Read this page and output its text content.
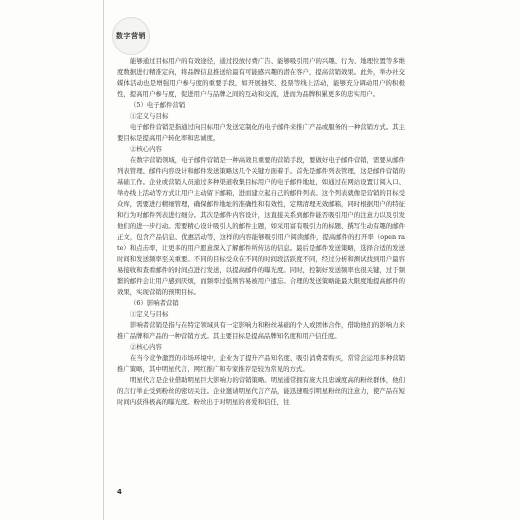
数字营销

能够通过目标用户的有效途径，通过投放付费广告、能够吸引用户的兴趣、行为、地理位置等多维度数据进行精准定向，将品牌信息推送给最有可能感兴趣的潜在客户，提高营销效果。此外，举办社交媒体活动也是增强用户参与度的重要手段，如开展抽奖、投票等线上活动，能够充分调动用户的积极性，提高用户参与度，促进用户与品牌之间的互动和交流，进而为品牌积累更多的忠实用户。

（5）电子邮件营销

①定义与目标

电子邮件营销是指通过向目标用户发送定制化的电子邮件来推广产品或服务的一种营销方式。其主要目标是提高用户转化率和忠诚度。

②核心内容

在数字营销领域，电子邮件营销是一种高效且重要的营销手段，要做好电子邮件营销，需要从邮件列表管理、邮件内容设计和邮件发送策略这几个关键方面着手。首先是邮件列表管理，这是邮件营销的基础工作。企业或营销人员通过多种渠道收集目标用户的电子邮件地址，如通过在网站设置订阅入口、举办线上活动等方式让用户主动留下邮箱，进而建立起自己的邮件列表。这个列表就像是营销的目标受众库，需要进行精细管理，确保邮件地址的准确性和有效性，定期清理无效邮箱，同时根据用户的特征和行为对邮件列表进行细分。其次是邮件内容设计，这直接关系到邮件能否吸引用户的注意力以及引发他们的进一步行动。需要精心设计吸引人的邮件主题，如采用富有吸引力的标题、撰写生动有趣的邮件正文，包含产品信息、优惠活动等，这样的内容能够吸引用户阅读邮件，提高邮件的打开率（open rate）和点击率，让更多的用户愿意深入了解邮件所传达的信息。最后是邮件发送策略，选择合适的发送时间和发送频率至关重要。不同的目标受众在不同的时间段活跃度不同，经过分析和测试找到用户最容易接收和查看邮件的时间点进行发送，以提高邮件的曝光度。同时，控制好发送频率也很关键，过于频繁的邮件会让用户感到厌烦，而频率过低则容易被用户遗忘。合理的发送策略能最大限度地提高邮件的效果，实现营销的预期目标。

（6）影响者营销

①定义与目标

影响者营销是指与在特定领域具有一定影响力和粉丝基础的个人或团体合作，借助他们的影响力来推广品牌和产品的一种营销方式。其主要目标是提高品牌知名度和用户信任度。

②核心内容

在当今竞争激烈的市场环境中，企业为了提升产品知名度、吸引消费者购买，常常会运用多种营销推广策略，其中明星代言、网红推广和专家推荐是较为常见的方式。

明星代言是企业借助明星巨大影响力的营销策略。明星通常拥有庞大且忠诚度高的粉丝群体，他们的言行举止受到粉丝的密切关注。企业邀请明星代言产品，能迅速吸引明星粉丝的注意力，使产品在短时间内获得极高的曝光度。粉丝出于对明星的喜爱和信任，往

4
